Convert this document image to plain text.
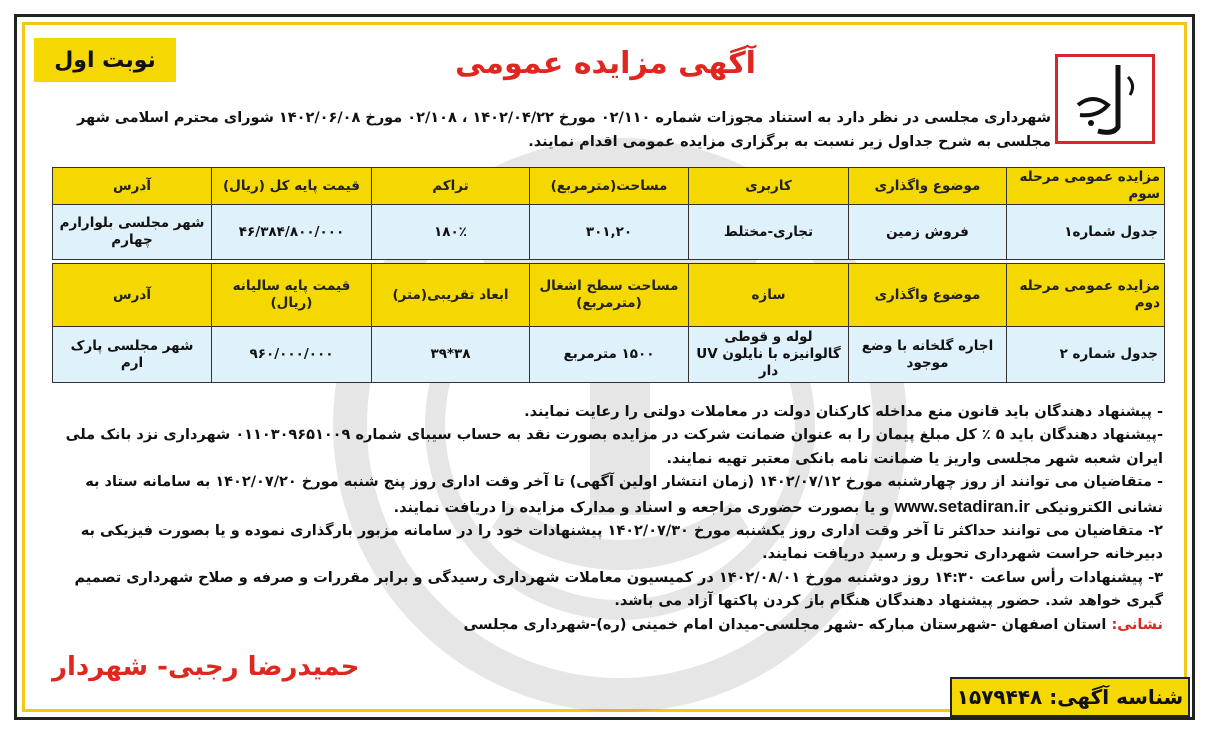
نوبت اول	آگهی مزایده عمومی
شهرداری مجلسی در نظر دارد به استناد مجوزات شماره ۰۲/۱۱۰ مورخ ۱۴۰۲/۰۴/۲۲ ، ۰۲/۱۰۸ مورخ ۱۴۰۲/۰۶/۰۸ شورای محترم اسلامی شهر مجلسی به شرح جداول زیر نسبت به برگزاری مزایده عمومی اقدام نمایند.
مزایده عمومی مرحله سوم	موضوع واگذاری	کاربری	مساحت(مترمربع)	تراکم	قیمت پایه کل (ریال)	آدرس
جدول شماره۱	فروش زمین	تجاری-مختلط	۳۰۱,۲۰	۱۸۰٪	۴۶/۳۸۴/۸۰۰/۰۰۰	شهر مجلسی بلوارارم چهارم
مزایده عمومی مرحله دوم	موضوع واگذاری	سازه	مساحت سطح اشغال (مترمربع)	ابعاد تقریبی(متر)	قیمت پایه سالیانه (ریال)	آدرس
جدول شماره ۲	اجاره گلخانه با وضع موجود	لوله و قوطی گالوانیزه با نایلون UV دار	۱۵۰۰ مترمربع	۳۸*۳۹	۹۶۰/۰۰۰/۰۰۰	شهر مجلسی پارک ارم

- پیشنهاد دهندگان باید قانون منع مداخله کارکنان دولت در معاملات دولتی را رعایت نمایند.

-پیشنهاد دهندگان باید ۵ ٪ کل مبلغ پیمان را به عنوان ضمانت شرکت در مزایده بصورت نقد به حساب سیبای شماره ۰۱۱۰۳۰۹۶۵۱۰۰۹ شهرداری نزد بانک ملی ایران شعبه شهر مجلسی واریز یا ضمانت نامه بانکی معتبر تهیه نمایند.

- متقاضیان می توانند از روز چهارشنبه مورخ ۱۴۰۲/۰۷/۱۲ (زمان انتشار اولین آگهی) تا آخر وقت اداری روز پنج شنبه مورخ ۱۴۰۲/۰۷/۲۰ به سامانه ستاد به نشانی الکترونیکی www.setadiran.ir و یا بصورت حضوری مراجعه و اسناد و مدارک مزایده را دریافت نمایند.

۲- متقاضیان می توانند حداکثر تا آخر وقت اداری روز یکشنبه مورخ ۱۴۰۲/۰۷/۳۰ پیشنهادات خود را در سامانه مزبور بارگذاری نموده و یا بصورت فیزیکی به دبیرخانه حراست شهرداری تحویل و رسید دریافت نمایند.

۳- پیشنهادات رأس ساعت ۱۴:۳۰ روز دوشنبه مورخ ۱۴۰۲/۰۸/۰۱ در کمیسیون معاملات شهرداری رسیدگی و برابر مقررات و صرفه و صلاح شهرداری تصمیم گیری خواهد شد. حضور پیشنهاد دهندگان هنگام باز کردن پاکتها آزاد می باشد.

نشانی: استان اصفهان -شهرستان مبارکه -شهر مجلسی-میدان امام خمینی (ره)-شهرداری مجلسی

حمیدرضا رجبی- شهردار
شناسه آگهی: ۱۵۷۹۴۴۸
